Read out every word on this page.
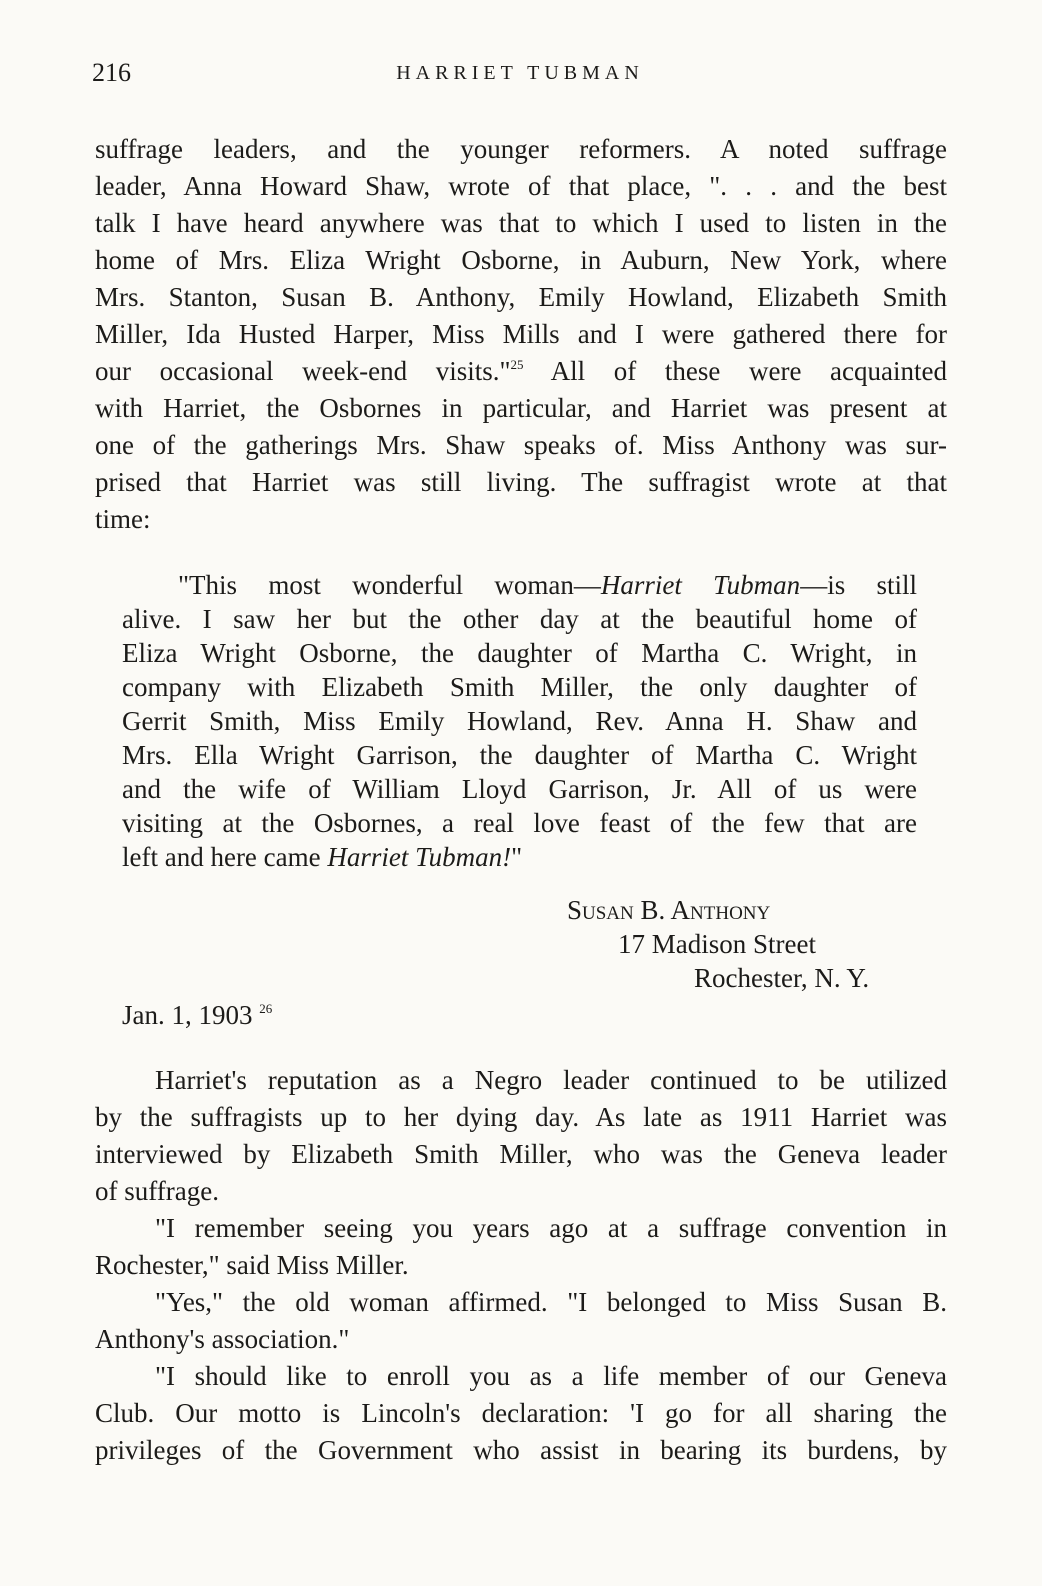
216	HARRIET TUBMAN
suffrage leaders, and the younger reformers. A noted suffrage
leader, Anna Howard Shaw, wrote of that place, ". . . and the best
talk I have heard anywhere was that to which I used to listen in the
home of Mrs. Eliza Wright Osborne, in Auburn, New York, where
Mrs. Stanton, Susan B. Anthony, Emily Howland, Elizabeth Smith
Miller, Ida Husted Harper, Miss Mills and I were gathered there for
our occasional week-end visits."$^{25}$ All of these were acquainted
with Harriet, the Osbornes in particular, and Harriet was present at
one of the gatherings Mrs. Shaw speaks of. Miss Anthony was sur-
prised that Harriet was still living. The suffragist wrote at that
time:
"This most wonderful woman—Harriet Tubman—is still
alive. I saw her but the other day at the beautiful home of
Eliza Wright Osborne, the daughter of Martha C. Wright, in
company with Elizabeth Smith Miller, the only daughter of
Gerrit Smith, Miss Emily Howland, Rev. Anna H. Shaw and
Mrs. Ella Wright Garrison, the daughter of Martha C. Wright
and the wife of William Lloyd Garrison, Jr. All of us were
visiting at the Osbornes, a real love feast of the few that are
left and here came Harriet Tubman!"
Susan B. Anthony
17 Madison Street
Rochester, N. Y.
Jan. 1, 1903 $^{26}$
Harriet's reputation as a Negro leader continued to be utilized
by the suffragists up to her dying day. As late as 1911 Harriet was
interviewed by Elizabeth Smith Miller, who was the Geneva leader
of suffrage.
"I remember seeing you years ago at a suffrage convention in
Rochester," said Miss Miller.
"Yes," the old woman affirmed. "I belonged to Miss Susan B.
Anthony's association."
"I should like to enroll you as a life member of our Geneva
Club. Our motto is Lincoln's declaration: 'I go for all sharing the
privileges of the Government who assist in bearing its burdens, by
